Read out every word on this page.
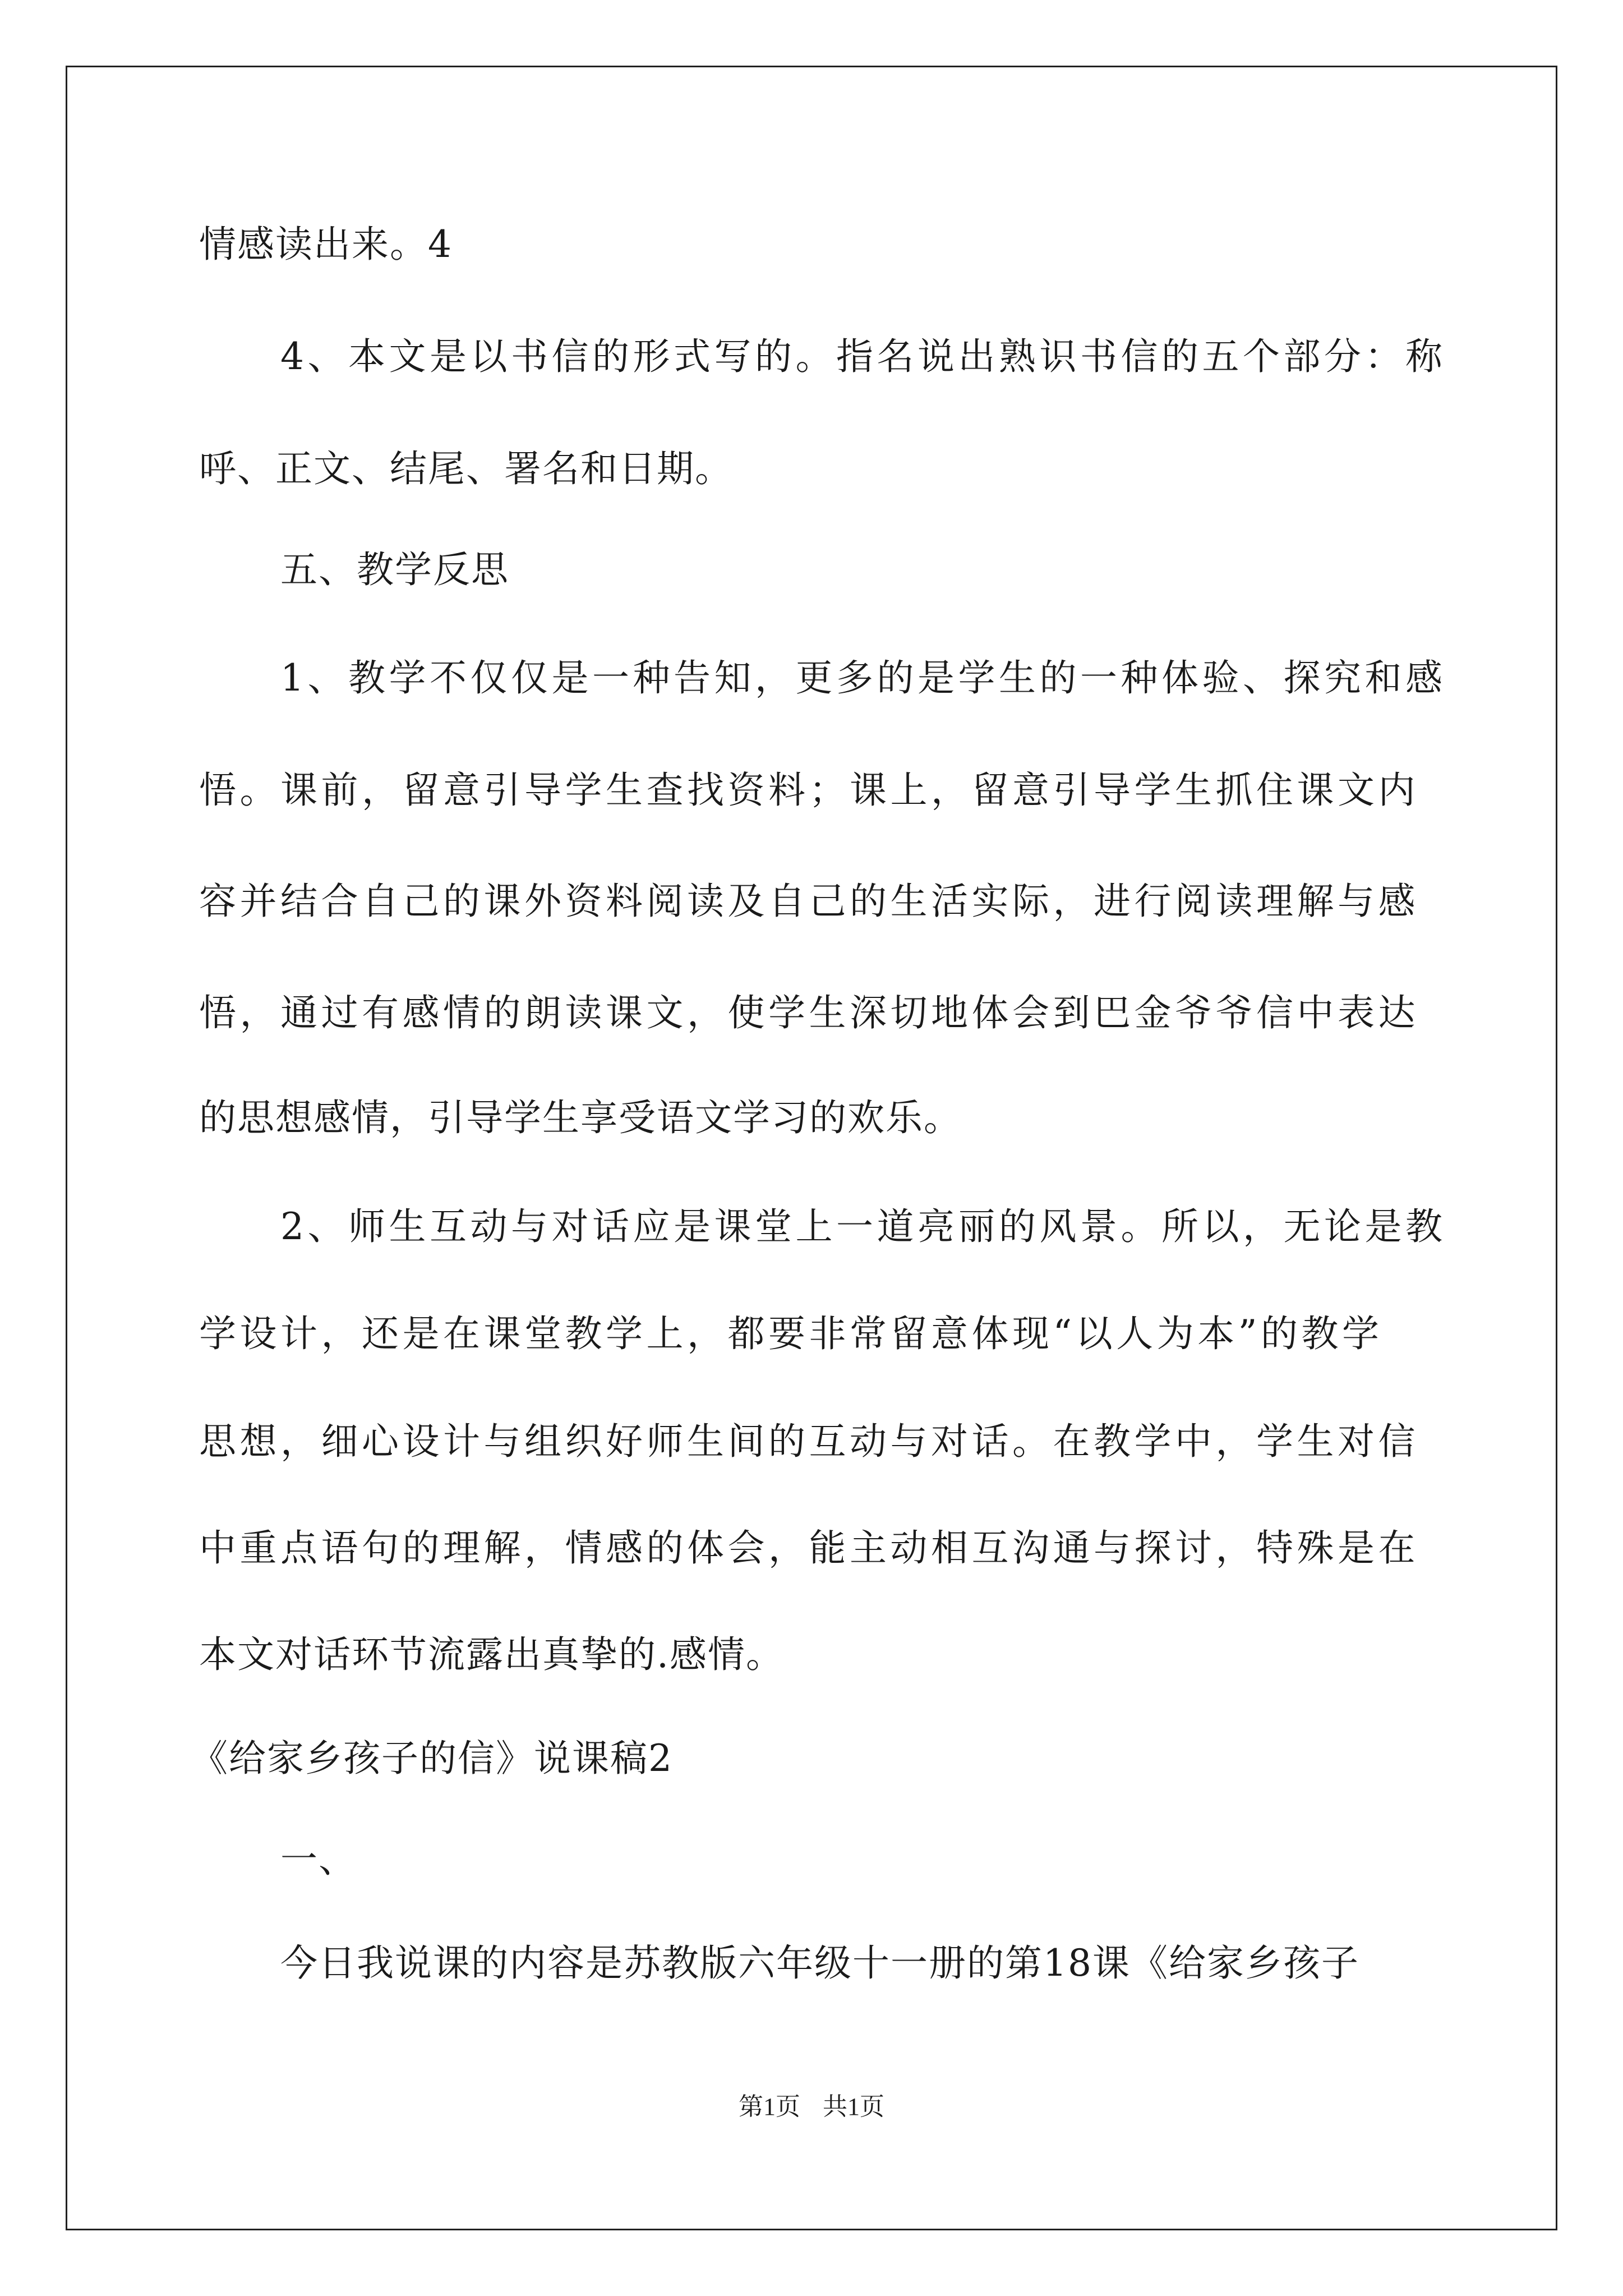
情感读出来。4
4、本文是以书信的形式写的。指名说出熟识书信的五个部分：称
呼、正文、结尾、署名和日期。
五、教学反思
1、教学不仅仅是一种告知，更多的是学生的一种体验、探究和感
悟。课前，留意引导学生查找资料；课上，留意引导学生抓住课文内
容并结合自己的课外资料阅读及自己的生活实际，进行阅读理解与感
悟，通过有感情的朗读课文，使学生深切地体会到巴金爷爷信中表达
的思想感情，引导学生享受语文学习的欢乐。
2、师生互动与对话应是课堂上一道亮丽的风景。所以，无论是教
学设计，还是在课堂教学上，都要非常留意体现“以人为本”的教学
思想，细心设计与组织好师生间的互动与对话。在教学中，学生对信
中重点语句的理解，情感的体会，能主动相互沟通与探讨，特殊是在
本文对话环节流露出真挚的.感情。
《给家乡孩子的信》说课稿2
一、
今日我说课的内容是苏教版六年级十一册的第18课《给家乡孩子
第1页 共1页
